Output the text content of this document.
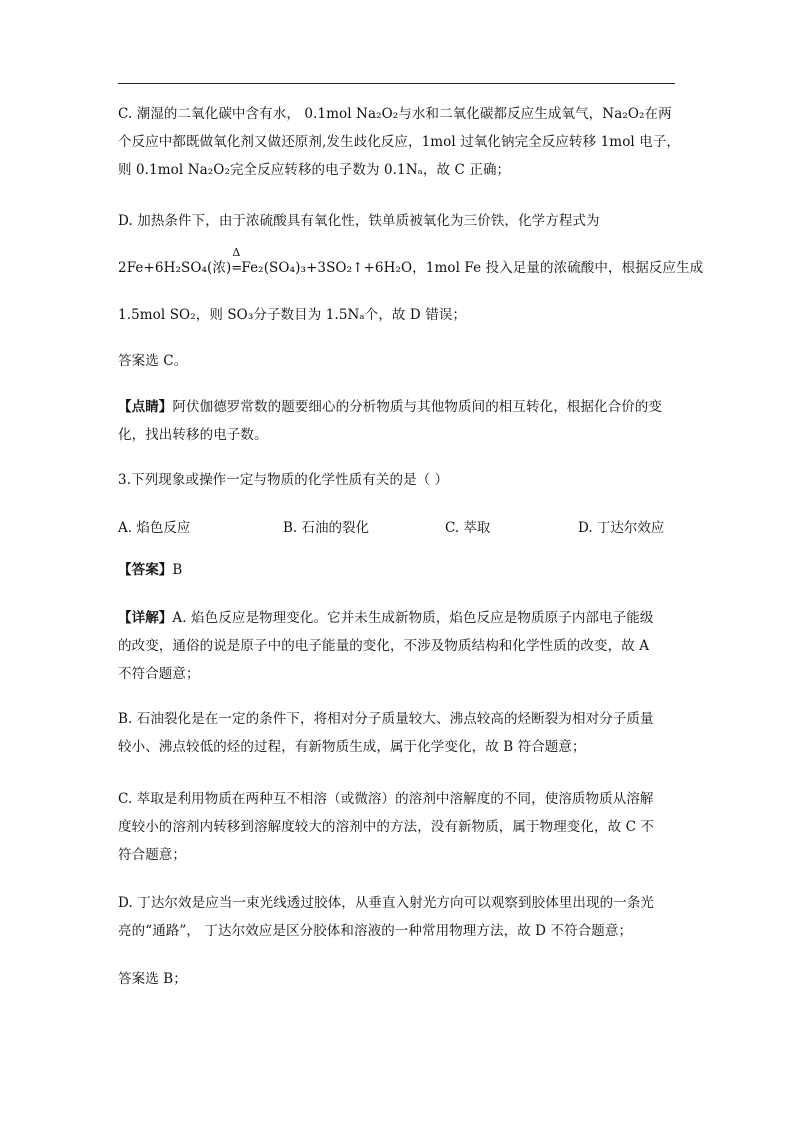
C. 潮湿的二氧化碳中含有水， 0.1mol Na₂O₂与水和二氧化碳都反应生成氧气，Na₂O₂在两
个反应中都既做氧化剂又做还原剂,发生歧化反应，1mol 过氧化钠完全反应转移 1mol 电子，
则 0.1mol Na₂O₂完全反应转移的电子数为 0.1Nₐ，故 C 正确；
D. 加热条件下，由于浓硫酸具有氧化性，铁单质被氧化为三价铁，化学方程式为
2Fe+6H₂SO₄(浓)
Δ
=Fe₂(SO₄)₃+3SO₂↑+6H₂O，1mol Fe 投入足量的浓硫酸中，根据反应生成
1.5mol SO₂，则 SO₃分子数目为 1.5Nₐ个，故 D 错误；
答案选 C。
【点睛】阿伏伽德罗常数的题要细心的分析物质与其他物质间的相互转化，根据化合价的变
化，找出转移的电子数。
3.下列现象或操作一定与物质的化学性质有关的是（ ）
A. 焰色反应	B. 石油的裂化	C. 萃取	D. 丁达尔效应
【答案】B
【详解】A. 焰色反应是物理变化。它并未生成新物质，焰色反应是物质原子内部电子能级
的改变，通俗的说是原子中的电子能量的变化，不涉及物质结构和化学性质的改变，故 A
不符合题意；
B. 石油裂化是在一定的条件下，将相对分子质量较大、沸点较高的烃断裂为相对分子质量
较小、沸点较低的烃的过程，有新物质生成，属于化学变化，故 B 符合题意；
C. 萃取是利用物质在两种互不相溶（或微溶）的溶剂中溶解度的不同，使溶质物质从溶解
度较小的溶剂内转移到溶解度较大的溶剂中的方法，没有新物质，属于物理变化，故 C 不
符合题意；
D. 丁达尔效是应当一束光线透过胶体，从垂直入射光方向可以观察到胶体里出现的一条光
亮的“通路”， 丁达尔效应是区分胶体和溶液的一种常用物理方法，故 D 不符合题意；
答案选 B；
